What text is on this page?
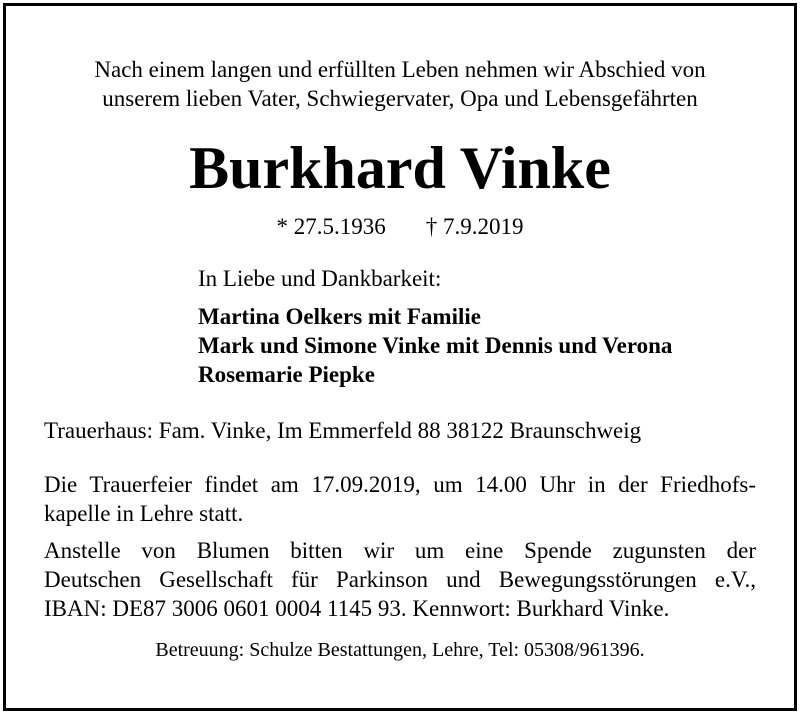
Nach einem langen und erfüllten Leben nehmen wir Abschied von
unserem lieben Vater, Schwiegervater, Opa und Lebensgefährten

Burkhard Vinke
* 27.5.1936 † 7.9.2019

In Liebe und Dankbarkeit:

Martina Oelkers mit Familie
Mark und Simone Vinke mit Dennis und Verona
Rosemarie Piepke

Trauerhaus: Fam. Vinke, Im Emmerfeld 88 38122 Braunschweig

Die Trauerfeier findet am 17.09.2019, um 14.00 Uhr in der Friedhofs-
kapelle in Lehre statt.

Anstelle von Blumen bitten wir um eine Spende zugunsten der
Deutschen Gesellschaft für Parkinson und Bewegungsstörungen e.V.,
IBAN: DE87 3006 0601 0004 1145 93. Kennwort: Burkhard Vinke.

Betreuung: Schulze Bestattungen, Lehre, Tel: 05308/961396.
